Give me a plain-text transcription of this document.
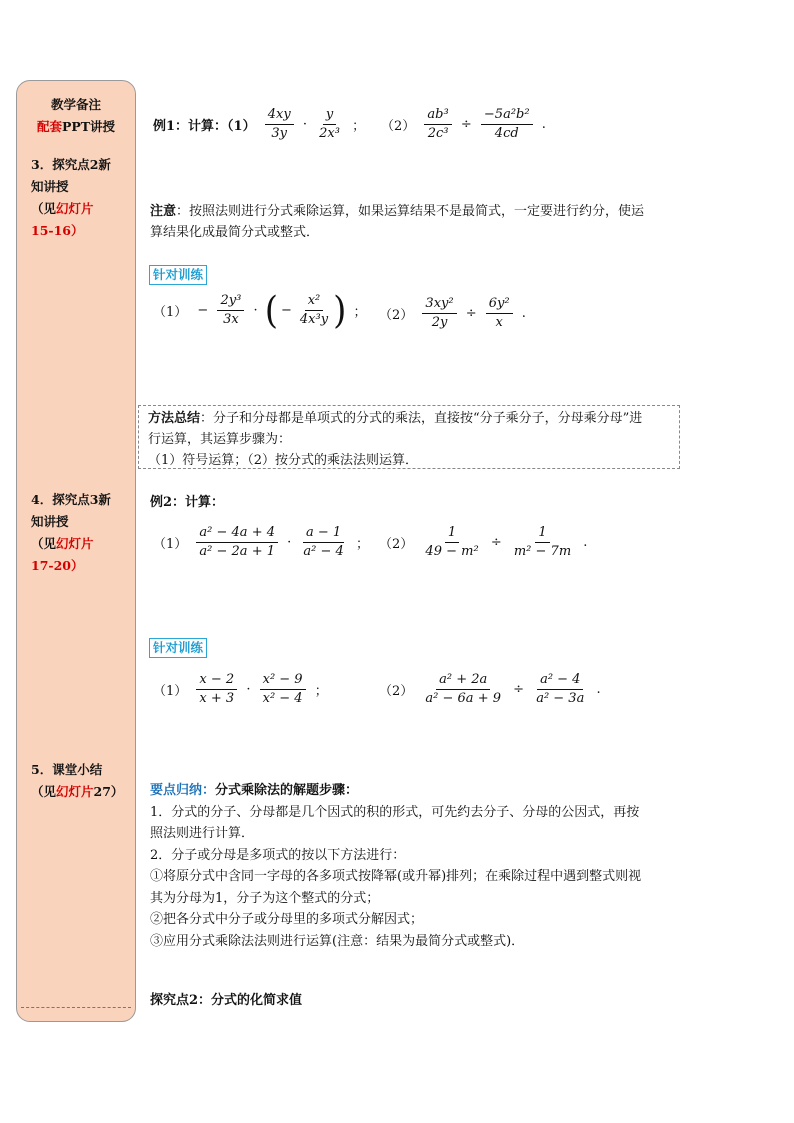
教学备注
配套PPT讲授
3．探究点2新
知讲授
（见幻灯片
15-16）
4．探究点3新
知讲授
（见幻灯片
17-20）
5．课堂小结
（见幻灯片27）
例1：计算：$(1) \frac{4xy}{3y} \cdot \frac{y}{\text{2x³}}$ ； $(2) \frac{\text{ab³}}{\text{2c³}} \div \frac{\text{−5a²b²}}{4cd}$ .
注意：按照法则进行分式乘除运算，如果运算结果不是最简式，一定要进行约分，使运
算结果化成最简分式或整式．
针对训练
$(1) - \frac{\text{2y³}}{3x}$ · ( − $\frac{\text{x²}}{\text{4x³y}}$ ) ； $(2) \frac{\text{3xy²}}{2y} \div \frac{\text{6y²}}{x}$ .
方法总结：分子和分母都是单项式的分式的乘法，直接按“分子乘分子，分母乘分母”进
行运算，其运算步骤为：
（1）符号运算；（2）按分式的乘法法则运算．
例2：计算：
$(1) \frac{\text{a² − 4a + 4}}{\text{a² − 2a + 1}} \cdot \frac{a - 1}{\text{a² − 4}}$ ； $(2) \frac{1}{\text{49 − m²}} \div \frac{1}{\text{m² − 7m}}$ .
针对训练
$(1) \frac{x - 2}{x + 3} \cdot \frac{\text{x² − 9}}{\text{x² − 4}}$ ；	$(2) \frac{\text{a² + 2a}}{\text{a² − 6a + 9}} \div \frac{\text{a² − 4}}{\text{a² − 3a}}$ .
要点归纳：分式乘除法的解题步骤：
1．分式的分子、分母都是几个因式的积的形式，可先约去分子、分母的公因式，再按
照法则进行计算．
2．分子或分母是多项式的按以下方法进行：
①将原分式中含同一字母的各多项式按降幂(或升幂)排列；在乘除过程中遇到整式则视
其为分母为1，分子为这个整式的分式；
②把各分式中分子或分母里的多项式分解因式；
③应用分式乘除法法则进行运算(注意：结果为最简分式或整式)．
探究点2：分式的化简求值
